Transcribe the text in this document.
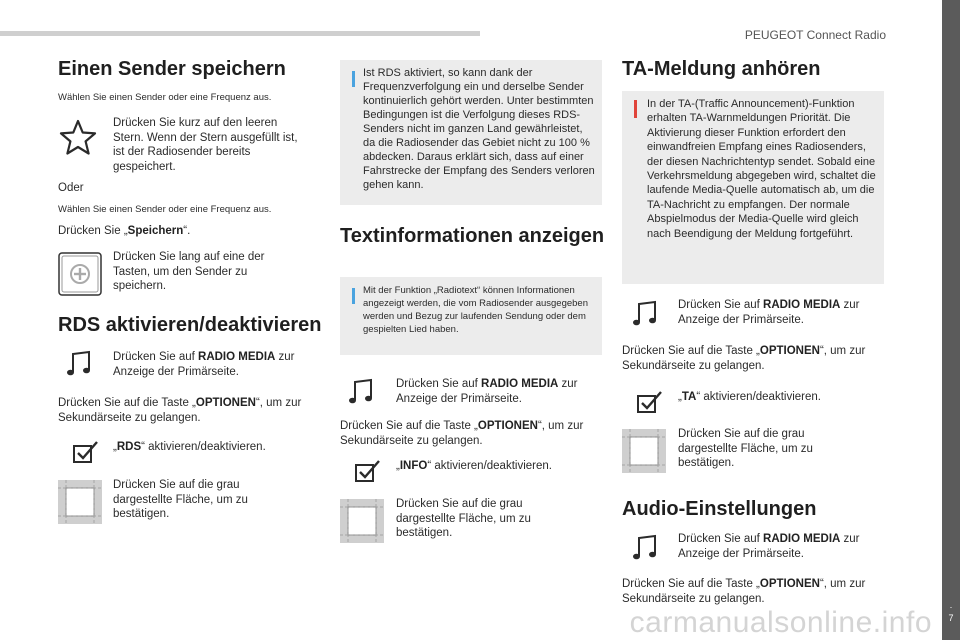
PEUGEOT Connect Radio
.
7
Einen Sender speichern
Wählen Sie einen Sender oder eine Frequenz aus.
Drücken Sie kurz auf den leeren Stern. Wenn der Stern ausgefüllt ist, ist der Radiosender bereits gespeichert.
Oder
Wählen Sie einen Sender oder eine Frequenz aus.
Drücken Sie „Speichern“.
Drücken Sie lang auf eine der Tasten, um den Sender zu speichern.
RDS aktivieren/deaktivieren
Drücken Sie auf RADIO MEDIA zur Anzeige der Primärseite.
Drücken Sie auf die Taste „OPTIONEN“, um zur Sekundärseite zu gelangen.
„RDS“ aktivieren/deaktivieren.
Drücken Sie auf die grau dargestellte Fläche, um zu bestätigen.
Ist RDS aktiviert, so kann dank der Frequenzverfolgung ein und derselbe Sender kontinuierlich gehört werden. Unter bestimmten Bedingungen ist die Verfolgung dieses RDS-Senders nicht im ganzen Land gewährleistet, da die Radiosender das Gebiet nicht zu 100 % abdecken. Daraus erklärt sich, dass auf einer Fahrstrecke der Empfang des Senders verloren gehen kann.
Textinformationen anzeigen
Mit der Funktion „Radiotext“ können Informationen angezeigt werden, die vom Radiosender ausgegeben werden und Bezug zur laufenden Sendung oder dem gespielten Lied haben.
Drücken Sie auf RADIO MEDIA zur Anzeige der Primärseite.
Drücken Sie auf die Taste „OPTIONEN“, um zur Sekundärseite zu gelangen.
„INFO“ aktivieren/deaktivieren.
Drücken Sie auf die grau dargestellte Fläche, um zu bestätigen.
TA-Meldung anhören
In der TA-(Traffic Announcement)-Funktion erhalten TA-Warnmeldungen Priorität. Die Aktivierung dieser Funktion erfordert den einwandfreien Empfang eines Radiosenders, der diesen Nachrichtentyp sendet. Sobald eine Verkehrsmeldung abgegeben wird, schaltet die laufende Media-Quelle automatisch ab, um die TA-Nachricht zu empfangen. Der normale Abspielmodus der Media-Quelle wird gleich nach Beendigung der Meldung fortgeführt.
Drücken Sie auf RADIO MEDIA zur Anzeige der Primärseite.
Drücken Sie auf die Taste „OPTIONEN“, um zur Sekundärseite zu gelangen.
„TA“ aktivieren/deaktivieren.
Drücken Sie auf die grau dargestellte Fläche, um zu bestätigen.
Audio-Einstellungen
Drücken Sie auf RADIO MEDIA zur Anzeige der Primärseite.
Drücken Sie auf die Taste „OPTIONEN“, um zur Sekundärseite zu gelangen.
carmanualsonline.info
